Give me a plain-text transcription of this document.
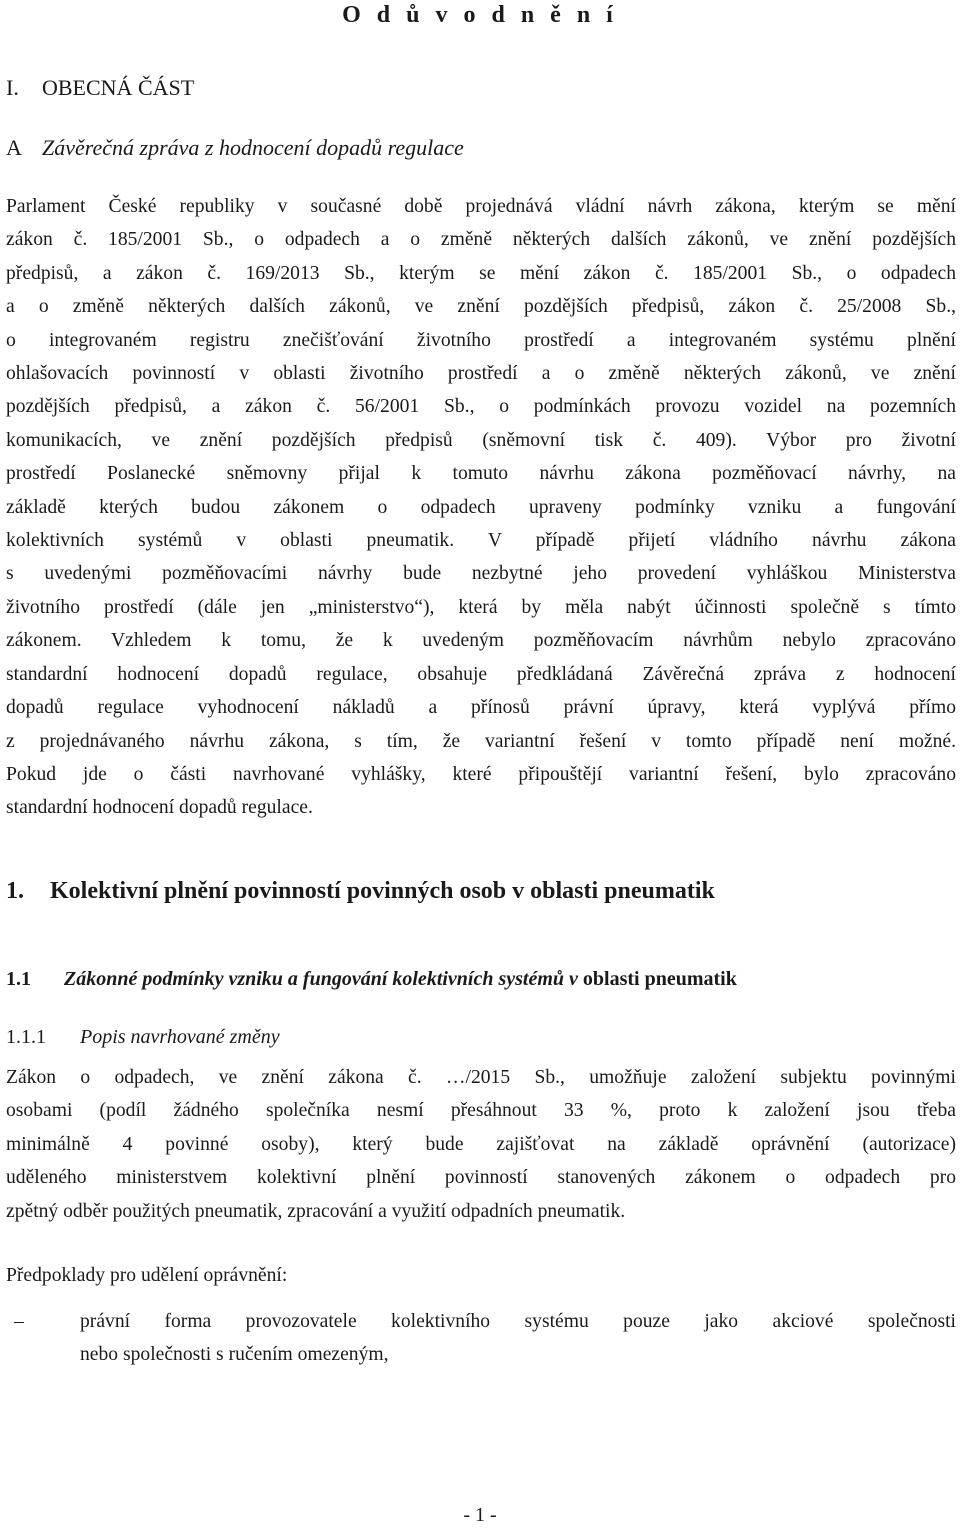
O d ů v o d n ě n í
I. OBECNÁ ČÁST
A Závěrečná zpráva z hodnocení dopadů regulace

Parlament České republiky v současné době projednává vládní návrh zákona, kterým se mění

zákon č. 185/2001 Sb., o odpadech a o změně některých dalších zákonů, ve znění pozdějších

předpisů, a zákon č. 169/2013 Sb., kterým se mění zákon č. 185/2001 Sb., o odpadech

a o změně některých dalších zákonů, ve znění pozdějších předpisů, zákon č. 25/2008 Sb.,

o integrovaném registru znečišťování životního prostředí a integrovaném systému plnění

ohlašovacích povinností v oblasti životního prostředí a o změně některých zákonů, ve znění

pozdějších předpisů, a zákon č. 56/2001 Sb., o podmínkách provozu vozidel na pozemních

komunikacích, ve znění pozdějších předpisů (sněmovní tisk č. 409). Výbor pro životní

prostředí Poslanecké sněmovny přijal k tomuto návrhu zákona pozměňovací návrhy, na

základě kterých budou zákonem o odpadech upraveny podmínky vzniku a fungování

kolektivních systémů v oblasti pneumatik. V případě přijetí vládního návrhu zákona

s uvedenými pozměňovacími návrhy bude nezbytné jeho provedení vyhláškou Ministerstva

životního prostředí (dále jen „ministerstvo“), která by měla nabýt účinnosti společně s tímto

zákonem. Vzhledem k tomu, že k uvedeným pozměňovacím návrhům nebylo zpracováno

standardní hodnocení dopadů regulace, obsahuje předkládaná Závěrečná zpráva z hodnocení

dopadů regulace vyhodnocení nákladů a přínosů právní úpravy, která vyplývá přímo

z projednávaného návrhu zákona, s tím, že variantní řešení v tomto případě není možné.

Pokud jde o části navrhované vyhlášky, které připouštějí variantní řešení, bylo zpracováno

standardní hodnocení dopadů regulace.

1. Kolektivní plnění povinností povinných osob v oblasti pneumatik
1.1 Zákonné podmínky vzniku a fungování kolektivních systémů v oblasti pneumatik
1.1.1 Popis navrhované změny

Zákon o odpadech, ve znění zákona č. …/2015 Sb., umožňuje založení subjektu povinnými

osobami (podíl žádného společníka nesmí přesáhnout 33 %, proto k založení jsou třeba

minimálně 4 povinné osoby), který bude zajišťovat na základě oprávnění (autorizace)

uděleného ministerstvem kolektivní plnění povinností stanovených zákonem o odpadech pro

zpětný odběr použitých pneumatik, zpracování a využití odpadních pneumatik.

Předpoklady pro udělení oprávnění:

–	právní forma provozovatele kolektivního systému pouze jako akciové společnosti

nebo společnosti s ručením omezeným,

- 1 -
